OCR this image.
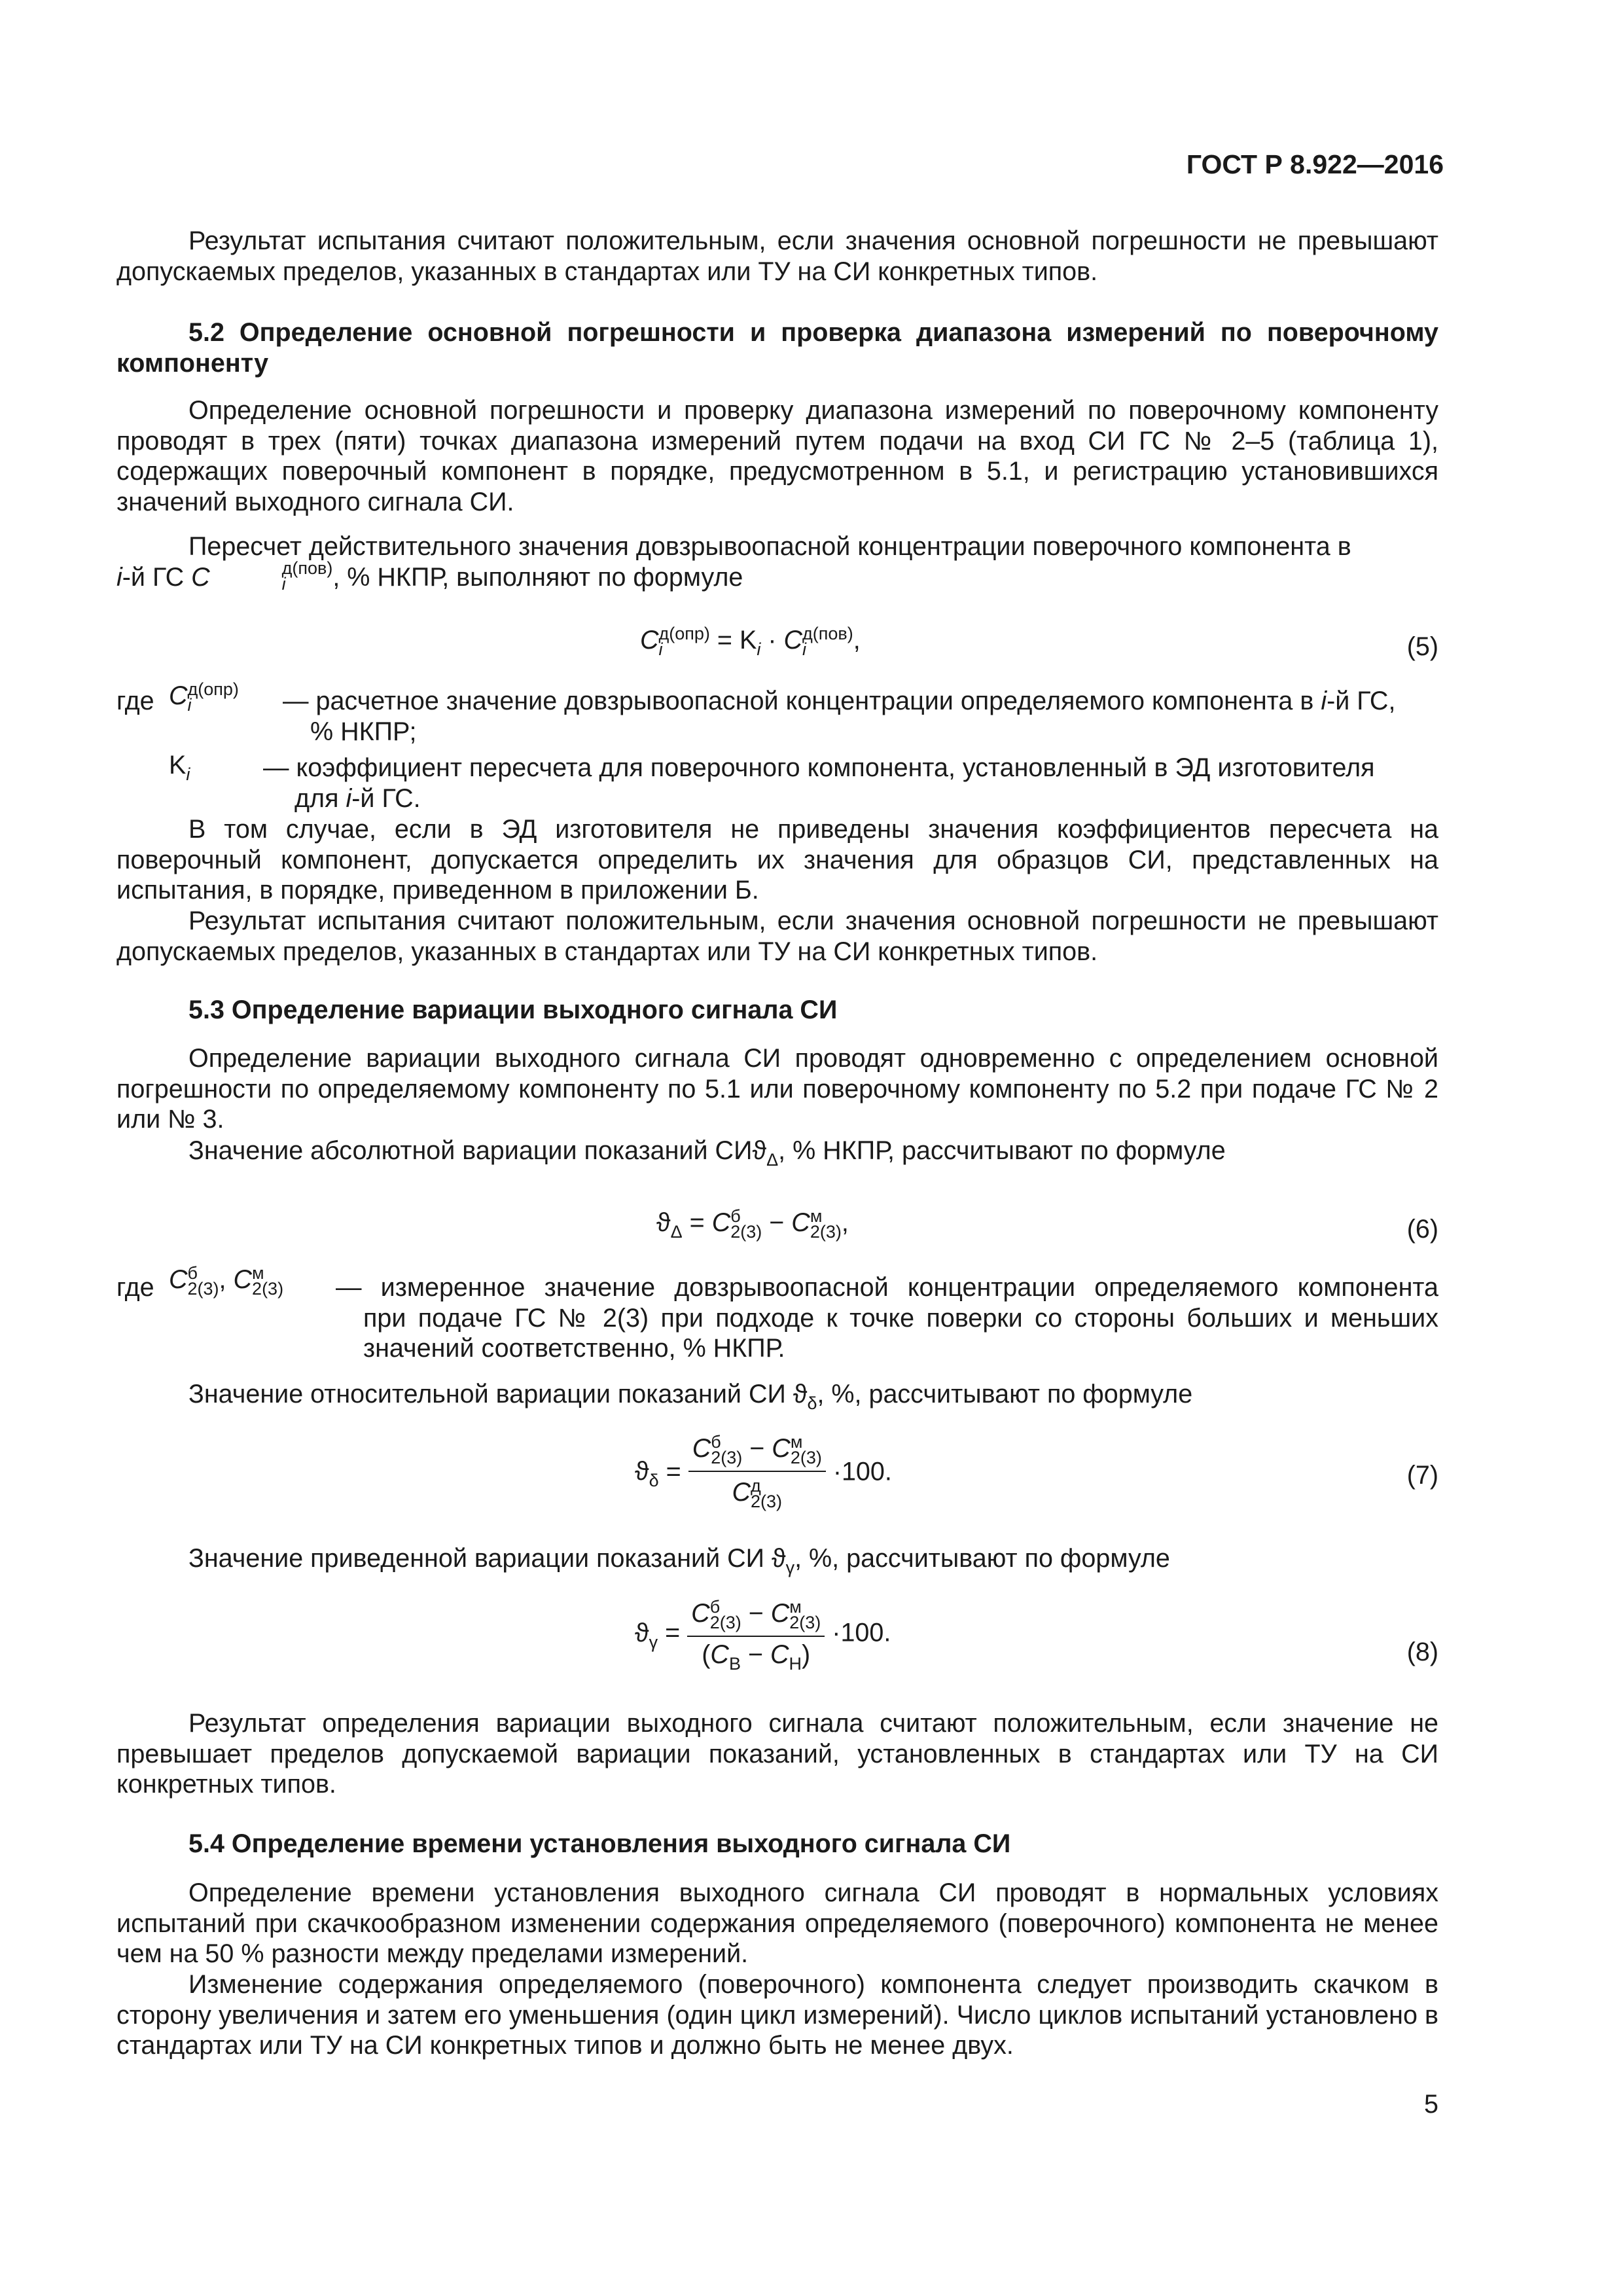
ГОСТ Р 8.922—2016

Результат испытания считают положительным, если значения основной погрешности не превышают допускаемых пределов, указанных в стандартах или ТУ на СИ конкретных типов.

5.2 Определение основной погрешности и проверка диапазона измерений по поверочному компоненту

Определение основной погрешности и проверку диапазона измерений по поверочному компоненту проводят в трех (пяти) точках диапазона измерений путем подачи на вход СИ ГС № 2–5 (таблица 1), содержащих поверочный компонент в порядке, предусмотренном в 5.1, и регистрацию установившихся значений выходного сигнала СИ.

Пересчет действительного значения довзрывоопасной концентрации поверочного компонента в
i-й ГС C	д(пов)
i	, % НКПР, выполняют по формуле

C д(опр)
i	= $K_i \cdot C$ д(пов)
i	,	(5)
где C д(опр)
i	— расчетное значение довзрывоопасной концентрации определяемого компонента в i-й ГС,
% НКПР;
$K_i$	— коэффициент пересчета для поверочного компонента, установленный в ЭД изготовителя
для i-й ГС.

В том случае, если в ЭД изготовителя не приведены значения коэффициентов пересчета на поверочный компонент, допускается определить их значения для образцов СИ, представленных на испытания, в порядке, приведенном в приложении Б.

Результат испытания считают положительным, если значения основной погрешности не превышают допускаемых пределов, указанных в стандартах или ТУ на СИ конкретных типов.

5.3 Определение вариации выходного сигнала СИ

Определение вариации выходного сигнала СИ проводят одновременно с определением основной погрешности по определяемому компоненту по 5.1 или поверочному компоненту по 5.2 при подаче ГС № 2 или № 3.

Значение абсолютной вариации показаний СИϑ$_\Delta$, % НКПР, рассчитывают по формуле

$ϑ_\Delta = C$ б
2(3) − C м
2(3) ,	(6)
где C б
2(3) , C м
2(3) — измеренное значение довзрывоопасной концентрации определяемого компонента
при подаче ГС № 2(3) при подходе к точке поверки со стороны больших и меньших
значений соответственно, % НКПР.

Значение относительной вариации показаний СИ $ϑ_\delta$, %, рассчитывают по формуле

$ϑ_\delta = C$ б
2(3) − C м
2(3)
C д
2(3) ·100.	(7)

Значение приведенной вариации показаний СИ $ϑ_\gamma$, %, рассчитывают по формуле

$ϑ_\gamma = C$ б
2(3) − C м
2(3)
$(C_В - C_Н) \cdot 100$.
(8)

Результат определения вариации выходного сигнала считают положительным, если значение не превышает пределов допускаемой вариации показаний, установленных в стандартах или ТУ на СИ конкретных типов.

5.4 Определение времени установления выходного сигнала СИ

Определение времени установления выходного сигнала СИ проводят в нормальных условиях испытаний при скачкообразном изменении содержания определяемого (поверочного) компонента не менее чем на 50 % разности между пределами измерений.

Изменение содержания определяемого (поверочного) компонента следует производить скачком в сторону увеличения и затем его уменьшения (один цикл измерений). Число циклов испытаний установлено в стандартах или ТУ на СИ конкретных типов и должно быть не менее двух.

5
